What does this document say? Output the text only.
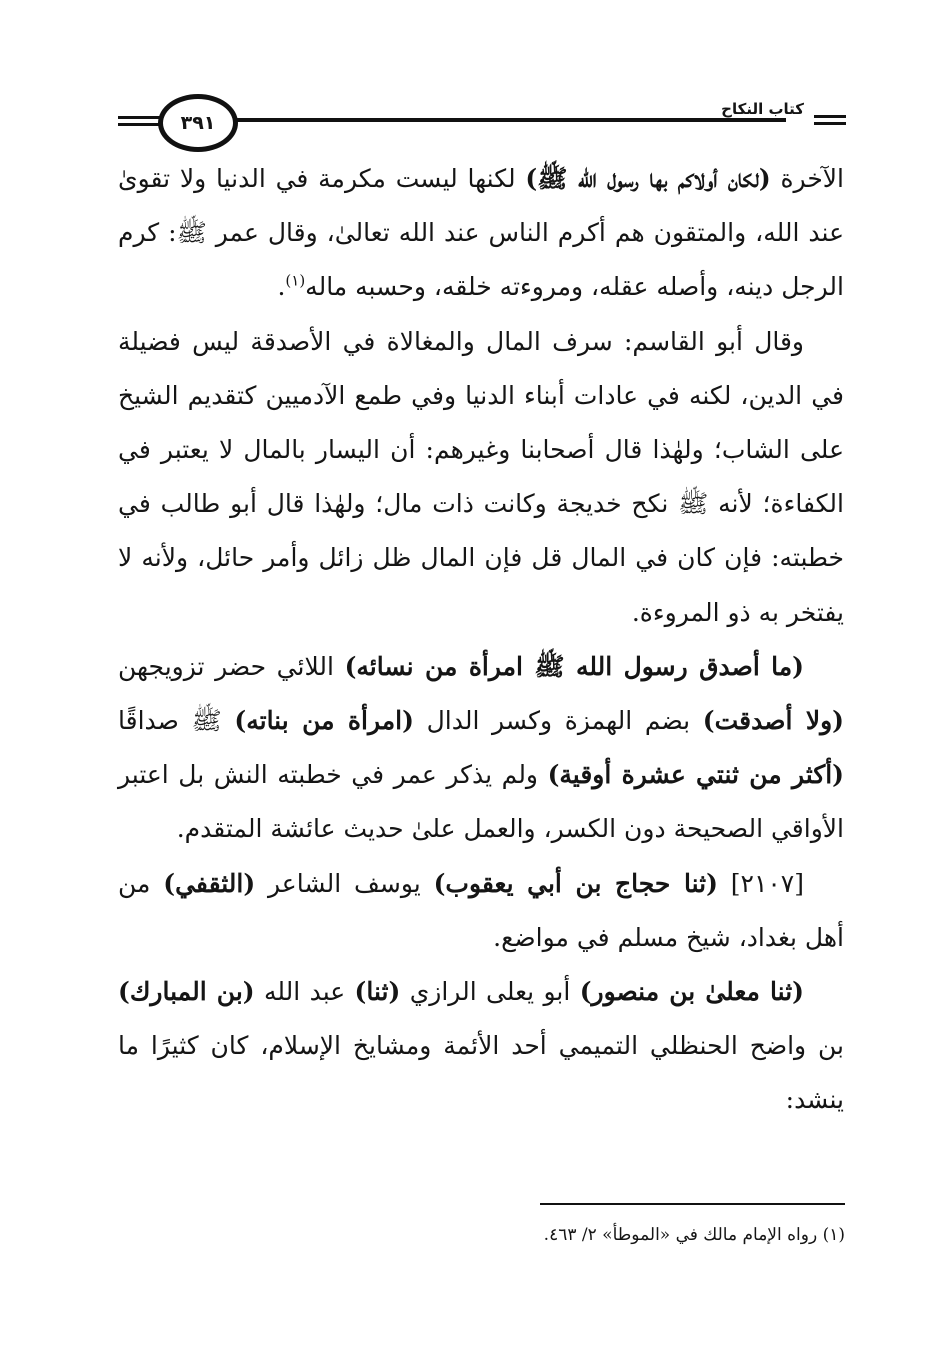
٣٩١
كتاب النكاح

الآخرة (لكان أولاكم بها رسول الله ﷺ) لكنها ليست مكرمة في الدنيا ولا تقوىٰ عند الله، والمتقون هم أكرم الناس عند الله تعالىٰ، وقال عمر ﷺ: كرم الرجل دينه، وأصله عقله، ومروءته خلقه، وحسبه ماله$^{(١)}$.

وقال أبو القاسم: سرف المال والمغالاة في الأصدقة ليس فضيلة في الدين، لكنه في عادات أبناء الدنيا وفي طمع الآدميين كتقديم الشيخ على الشاب؛ ولهٰذا قال أصحابنا وغيرهم: أن اليسار بالمال لا يعتبر في الكفاءة؛ لأنه ﷺ نكح خديجة وكانت ذات مال؛ ولهٰذا قال أبو طالب في خطبته: فإن كان في المال قل فإن المال ظل زائل وأمر حائل، ولأنه لا يفتخر به ذو المروءة.

(ما أصدق رسول الله ﷺ امرأة من نسائه) اللائي حضر تزويجهن (ولا أصدقت) بضم الهمزة وكسر الدال (امرأة من بناته) ﷺ صداقًا (أكثر من ثنتي عشرة أوقية) ولم يذكر عمر في خطبته النش بل اعتبر الأواقي الصحيحة دون الكسر، والعمل علىٰ حديث عائشة المتقدم.

[٢١٠٧] (ثنا حجاج بن أبي يعقوب) يوسف الشاعر (الثقفي) من أهل بغداد، شيخ مسلم في مواضع.

(ثنا معلىٰ بن منصور) أبو يعلى الرازي (ثنا) عبد الله (بن المبارك) بن واضح الحنظلي التميمي أحد الأئمة ومشايخ الإسلام، كان كثيرًا ما ينشد:

(١) رواه الإمام مالك في «الموطأ» ٢/ ٤٦٣.
